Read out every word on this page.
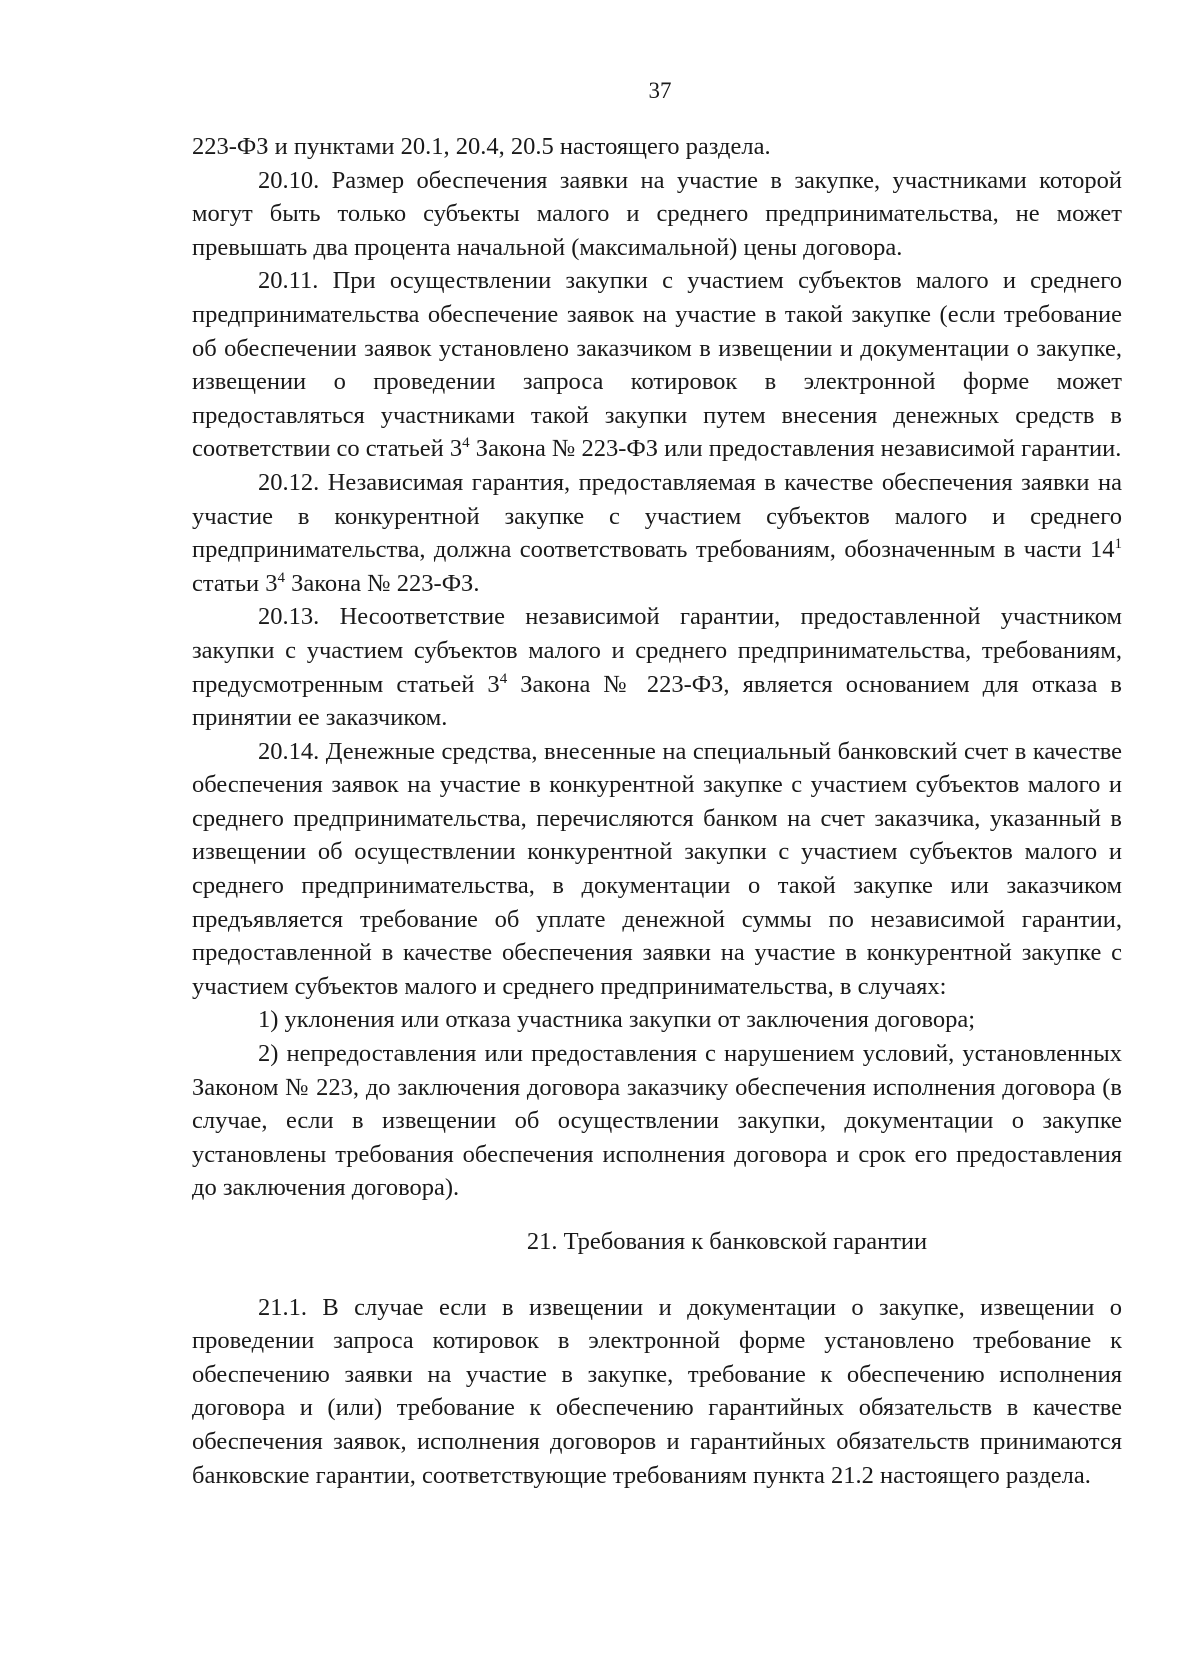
37

223-ФЗ и пунктами 20.1, 20.4, 20.5 настоящего раздела.

20.10. Размер обеспечения заявки на участие в закупке, участниками которой могут быть только субъекты малого и среднего предпринимательства, не может превышать два процента начальной (максимальной) цены договора.

20.11. При осуществлении закупки с участием субъектов малого и среднего предпринимательства обеспечение заявок на участие в такой закупке (если требование об обеспечении заявок установлено заказчиком в извещении и документации о закупке, извещении о проведении запроса котировок в электронной форме может предоставляться участниками такой закупки путем внесения денежных средств в соответствии со статьей $3^4$ Закона № 223-ФЗ или предоставления независимой гарантии.

20.12. Независимая гарантия, предоставляемая в качестве обеспечения заявки на участие в конкурентной закупке с участием субъектов малого и среднего предпринимательства, должна соответствовать требованиям, обозначенным в части $14^1$ статьи $3^4$ Закона № 223-ФЗ.

20.13. Несоответствие независимой гарантии, предоставленной участником закупки с участием субъектов малого и среднего предпринимательства, требованиям, предусмотренным статьей $3^4$ Закона № 223-ФЗ, является основанием для отказа в принятии ее заказчиком.

20.14. Денежные средства, внесенные на специальный банковский счет в качестве обеспечения заявок на участие в конкурентной закупке с участием субъектов малого и среднего предпринимательства, перечисляются банком на счет заказчика, указанный в извещении об осуществлении конкурентной закупки с участием субъектов малого и среднего предпринимательства, в документации о такой закупке или заказчиком предъявляется требование об уплате денежной суммы по независимой гарантии, предоставленной в качестве обеспечения заявки на участие в конкурентной закупке с участием субъектов малого и среднего предпринимательства, в случаях:

1) уклонения или отказа участника закупки от заключения договора;

2) непредоставления или предоставления с нарушением условий, установленных Законом № 223, до заключения договора заказчику обеспечения исполнения договора (в случае, если в извещении об осуществлении закупки, документации о закупке установлены требования обеспечения исполнения договора и срок его предоставления до заключения договора).

21. Требования к банковской гарантии

21.1. В случае если в извещении и документации о закупке, извещении о проведении запроса котировок в электронной форме установлено требование к обеспечению заявки на участие в закупке, требование к обеспечению исполнения договора и (или) требование к обеспечению гарантийных обязательств в качестве обеспечения заявок, исполнения договоров и гарантийных обязательств принимаются банковские гарантии, соответствующие требованиям пункта 21.2 настоящего раздела.
